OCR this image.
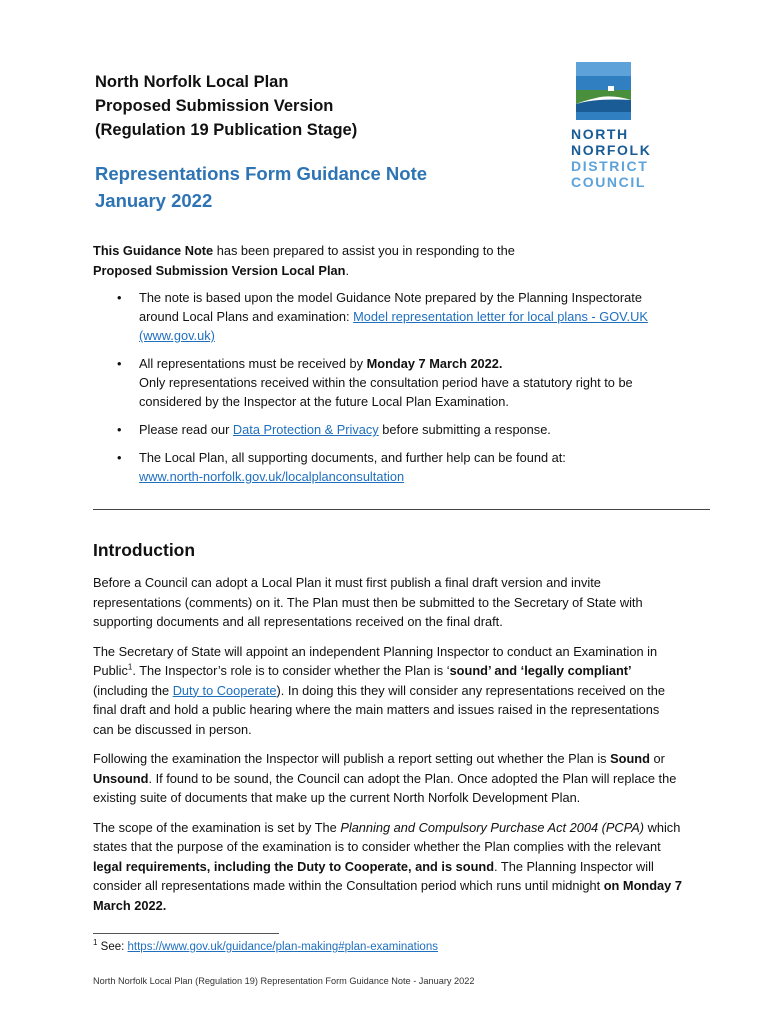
North Norfolk Local Plan
Proposed Submission Version
(Regulation 19 Publication Stage)
Representations Form Guidance Note
January 2022
NORTH
NORFOLK
DISTRICT
COUNCIL
This Guidance Note has been prepared to assist you in responding to the
Proposed Submission Version Local Plan.
• The note is based upon the model Guidance Note prepared by the Planning Inspectorate around Local Plans and examination: Model representation letter for local plans - GOV.UK (www.gov.uk)
• All representations must be received by Monday 7 March 2022.
Only representations received within the consultation period have a statutory right to be considered by the Inspector at the future Local Plan Examination.
• Please read our Data Protection & Privacy before submitting a response.
• The Local Plan, all supporting documents, and further help can be found at:
www.north-norfolk.gov.uk/localplanconsultation
Introduction

Before a Council can adopt a Local Plan it must first publish a final draft version and invite representations (comments) on it. The Plan must then be submitted to the Secretary of State with supporting documents and all representations received on the final draft.

The Secretary of State will appoint an independent Planning Inspector to conduct an Examination in Public$^1$. The Inspector’s role is to consider whether the Plan is ‘sound’ and ‘legally compliant’ (including the Duty to Cooperate). In doing this they will consider any representations received on the final draft and hold a public hearing where the main matters and issues raised in the representations can be discussed in person.

Following the examination the Inspector will publish a report setting out whether the Plan is Sound or Unsound. If found to be sound, the Council can adopt the Plan. Once adopted the Plan will replace the existing suite of documents that make up the current North Norfolk Development Plan.

The scope of the examination is set by The Planning and Compulsory Purchase Act 2004 (PCPA) which states that the purpose of the examination is to consider whether the Plan complies with the relevant legal requirements, including the Duty to Cooperate, and is sound. The Planning Inspector will consider all representations made within the Consultation period which runs until midnight on Monday 7 March 2022.

$^1$ See: https://www.gov.uk/guidance/plan-making#plan-examinations
North Norfolk Local Plan (Regulation 19) Representation Form Guidance Note - January 2022
